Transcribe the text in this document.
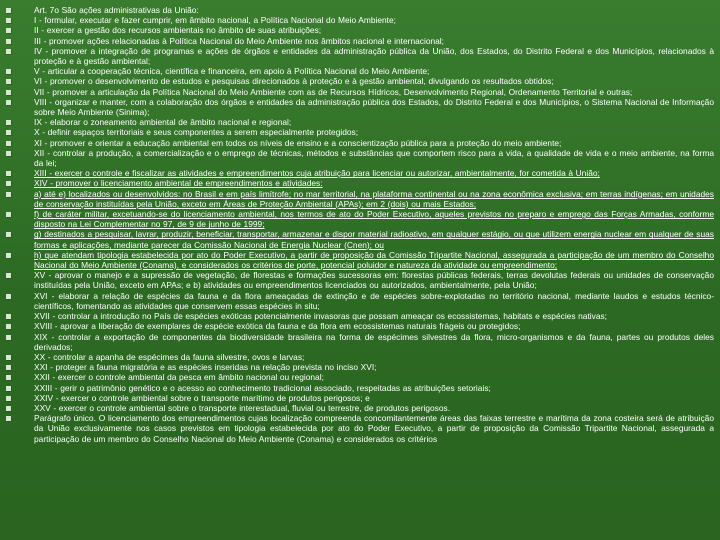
Art. 7o São ações administrativas da União:
I - formular, executar e fazer cumprir, em âmbito nacional, a Política Nacional do Meio Ambiente;
II - exercer a gestão dos recursos ambientais no âmbito de suas atribuições;
III - promover ações relacionadas à Política Nacional do Meio Ambiente nos âmbitos nacional e internacional;
IV - promover a integração de programas e ações de órgãos e entidades da administração pública da União, dos Estados, do Distrito Federal e dos Municípios, relacionados à proteção e à gestão ambiental;
V - articular a cooperação técnica, científica e financeira, em apoio à Política Nacional do Meio Ambiente;
VI - promover o desenvolvimento de estudos e pesquisas direcionados à proteção e à gestão ambiental, divulgando os resultados obtidos;
VII - promover a articulação da Política Nacional do Meio Ambiente com as de Recursos Hídricos, Desenvolvimento Regional, Ordenamento Territorial e outras;
VIII - organizar e manter, com a colaboração dos órgãos e entidades da administração pública dos Estados, do Distrito Federal e dos Municípios, o Sistema Nacional de Informação sobre Meio Ambiente (Sinima);
IX - elaborar o zoneamento ambiental de âmbito nacional e regional;
X - definir espaços territoriais e seus componentes a serem especialmente protegidos;
XI - promover e orientar a educação ambiental em todos os níveis de ensino e a conscientização pública para a proteção do meio ambiente;
XII - controlar a produção, a comercialização e o emprego de técnicas, métodos e substâncias que comportem risco para a vida, a qualidade de vida e o meio ambiente, na forma da lei;
XIII - exercer o controle e fiscalizar as atividades e empreendimentos cuja atribuição para licenciar ou autorizar, ambientalmente, for cometida à União;
XIV - promover o licenciamento ambiental de empreendimentos e atividades:
a) até e) localizados ou desenvolvidos: no Brasil e em país limítrofe; no mar territorial, na plataforma continental ou na zona econômica exclusiva; em terras indígenas; em unidades de conservação instituídas pela União, exceto em Áreas de Proteção Ambiental (APAs); em 2 (dois) ou mais Estados;
f) de caráter militar, excetuando-se do licenciamento ambiental, nos termos de ato do Poder Executivo, aqueles previstos no preparo e emprego das Forças Armadas, conforme disposto na Lei Complementar no 97, de 9 de junho de 1999;
g) destinados a pesquisar, lavrar, produzir, beneficiar, transportar, armazenar e dispor material radioativo, em qualquer estágio, ou que utilizem energia nuclear em qualquer de suas formas e aplicações, mediante parecer da Comissão Nacional de Energia Nuclear (Cnen); ou
h) que atendam tipologia estabelecida por ato do Poder Executivo, a partir de proposição da Comissão Tripartite Nacional, assegurada a participação de um membro do Conselho Nacional do Meio Ambiente (Conama), e considerados os critérios de porte, potencial poluidor e natureza da atividade ou empreendimento;
XV - aprovar o manejo e a supressão de vegetação, de florestas e formações sucessoras em: florestas públicas federais, terras devolutas federais ou unidades de conservação instituídas pela União, exceto em APAs; e b) atividades ou empreendimentos licenciados ou autorizados, ambientalmente, pela União;
XVI - elaborar a relação de espécies da fauna e da flora ameaçadas de extinção e de espécies sobre-explotadas no território nacional, mediante laudos e estudos técnico-científicos, fomentando as atividades que conservem essas espécies in situ;
XVII - controlar a introdução no País de espécies exóticas potencialmente invasoras que possam ameaçar os ecossistemas, habitats e espécies nativas;
XVIII - aprovar a liberação de exemplares de espécie exótica da fauna e da flora em ecossistemas naturais frágeis ou protegidos;
XIX - controlar a exportação de componentes da biodiversidade brasileira na forma de espécimes silvestres da flora, micro-organismos e da fauna, partes ou produtos deles derivados;
XX - controlar a apanha de espécimes da fauna silvestre, ovos e larvas;
XXI - proteger a fauna migratória e as espécies inseridas na relação prevista no inciso XVI;
XXII - exercer o controle ambiental da pesca em âmbito nacional ou regional;
XXIII - gerir o patrimônio genético e o acesso ao conhecimento tradicional associado, respeitadas as atribuições setoriais;
XXIV - exercer o controle ambiental sobre o transporte marítimo de produtos perigosos; e
XXV - exercer o controle ambiental sobre o transporte interestadual, fluvial ou terrestre, de produtos perigosos.
Parágrafo único. O licenciamento dos empreendimentos cujas localização compreenda concomitantemente áreas das faixas terrestre e marítima da zona costeira será de atribuição da União exclusivamente nos casos previstos em tipologia estabelecida por ato do Poder Executivo, a partir de proposição da Comissão Tripartite Nacional, assegurada a participação de um membro do Conselho Nacional do Meio Ambiente (Conama) e considerados os critérios
